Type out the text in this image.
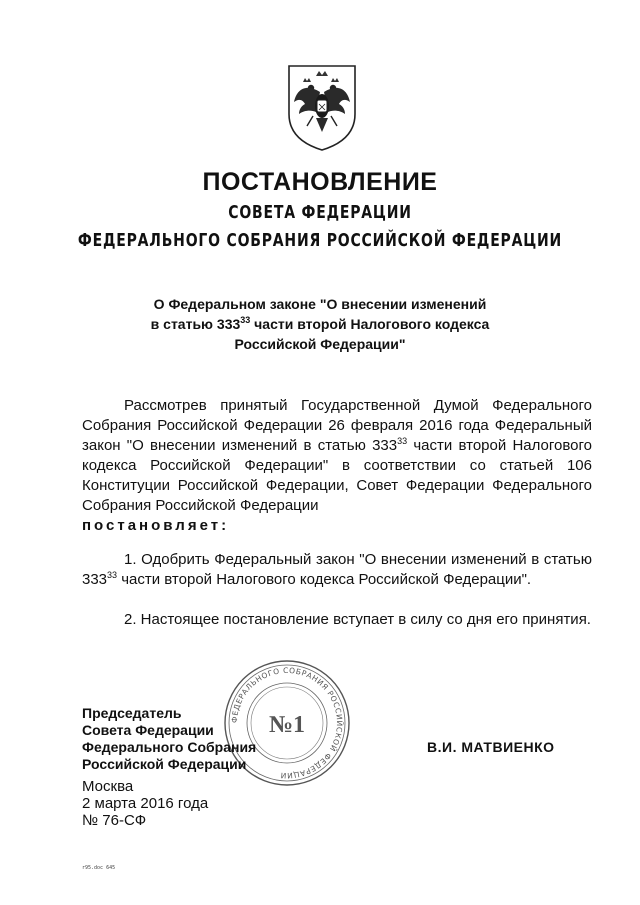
ПОСТАНОВЛЕНИЕ
СОВЕТА ФЕДЕРАЦИИ
ФЕДЕРАЛЬНОГО СОБРАНИЯ РОССИЙСКОЙ ФЕДЕРАЦИИ
О Федеральном законе "О внесении изменений
в статью $333^{33}$ части второй Налогового кодекса
Российской Федерации"
Рассмотрев принятый Государственной Думой Федерального Собрания Российской Федерации 26 февраля 2016 года Федеральный закон "О внесении изменений в статью $333^{33}$ части второй Налогового кодекса Российской Федерации" в соответствии со статьей 106 Конституции Российской Федерации, Совет Федерации Федерального Собрания Российской Федерации
постановляет:
1. Одобрить Федеральный закон "О внесении изменений в статью $333^{33}$ части второй Налогового кодекса Российской Федерации".
2. Настоящее постановление вступает в силу со дня его принятия.
ФЕДЕРАЛЬНОГО СОБРАНИЯ РОССИЙСКОЙ ФЕДЕРАЦИИ
№1
Председатель
Совета Федерации
Федерального Собрания
Российской Федерации
В.И. МАТВИЕНКО
Москва
2 марта 2016 года
№ 76-СФ
r95.doc 645
